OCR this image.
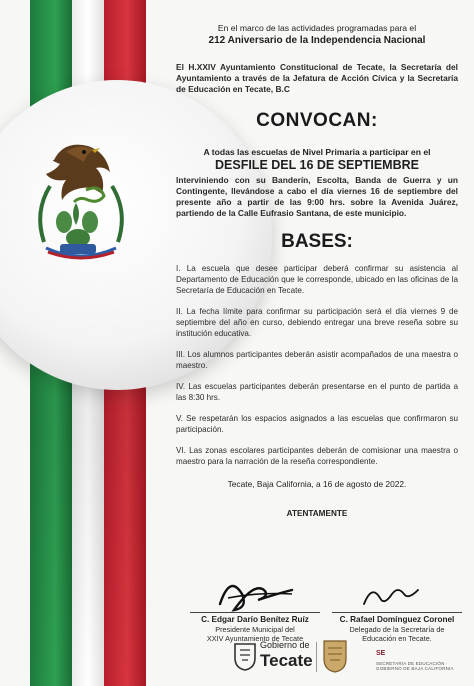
En el marco de las actividades programadas para el

212 Aniversario de la Independencia Nacional

El H.XXIV Ayuntamiento Constitucional de Tecate, la Secretaría del Ayuntamiento a través de la Jefatura de Acción Cívica y la Secretaría de Educación en Tecate, B.C

CONVOCAN:

A todas las escuelas de Nivel Primaria a participar en el

DESFILE DEL 16 DE SEPTIEMBRE

Interviniendo con su Banderín, Escolta, Banda de Guerra y un Contingente, llevándose a cabo el día viernes 16 de septiembre del presente año a partir de las 9:00 hrs. sobre la Avenida Juárez, partiendo de la Calle Eufrasio Santana, de este municipio.

BASES:

I. La escuela que desee participar deberá confirmar su asistencia al Departamento de Educación que le corresponde, ubicado en las oficinas de la Secretaría de Educación en Tecate.

II. La fecha límite para confirmar su participación será el día viernes 9 de septiembre del año en curso, debiendo entregar una breve reseña sobre su institución educativa.

III. Los alumnos participantes deberán asistir acompañados de una maestra o maestro.

IV. Las escuelas participantes deberán presentarse en el punto de partida a las 8:30 hrs.

V. Se respetarán los espacios asignados a las escuelas que confirmaron su participación.

VI. Las zonas escolares participantes deberán de comisionar una maestra o maestro para la narración de la reseña correspondiente.

Tecate, Baja California, a 16 de agosto de 2022.

ATENTAMENTE

C. Edgar Darío Benítez Ruíz

Presidente Municipal del

XXIV Ayuntamiento de Tecate

C. Rafael Domínguez Coronel

Delegado de la Secretaría de

Educación en Tecate.

Gobierno de
Tecate	SE
SECRETARÍA DE EDUCACIÓN · GOBIERNO DE BAJA CALIFORNIA
